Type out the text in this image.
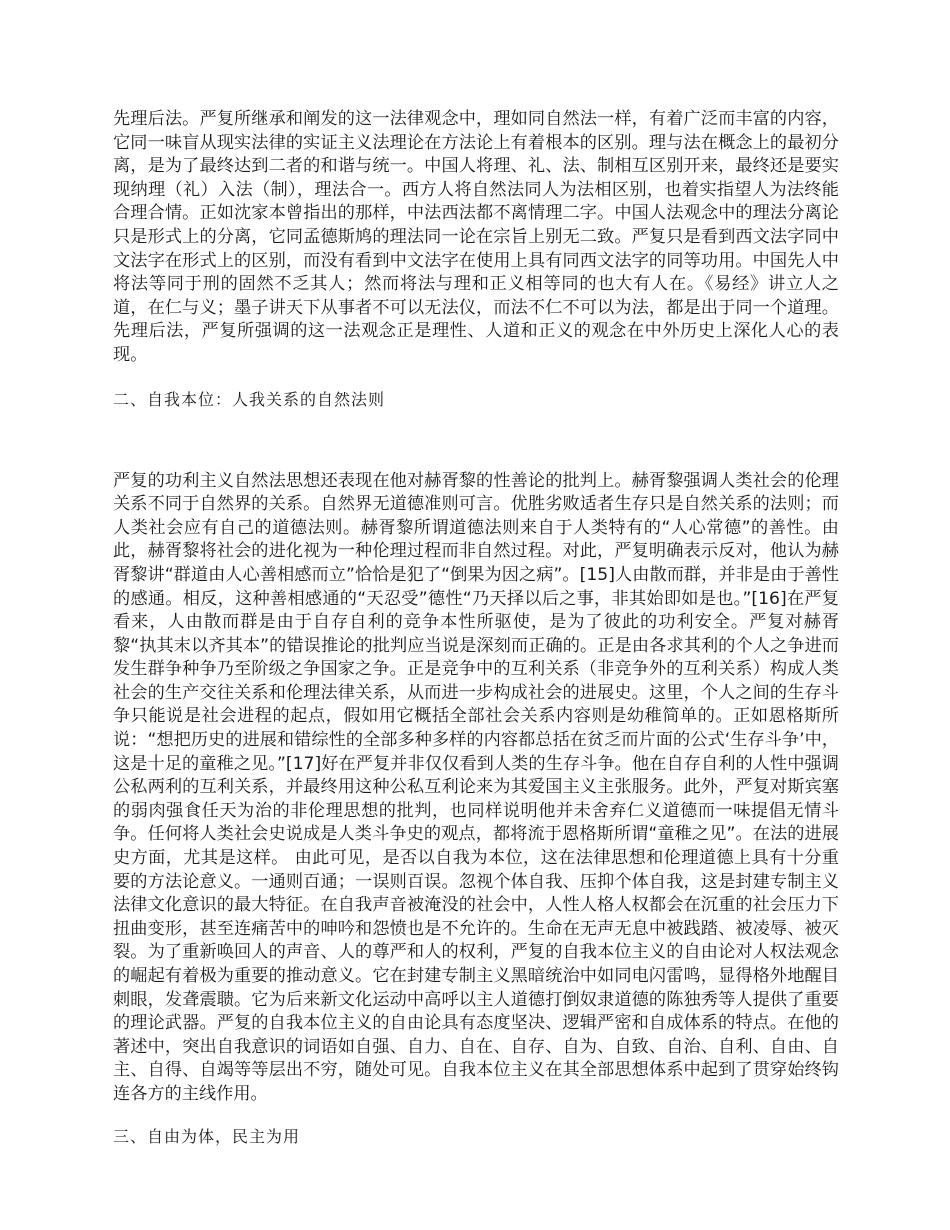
先理后法。严复所继承和阐发的这一法律观念中，理如同自然法一样，有着广泛而丰富的内容，它同一味盲从现实法律的实证主义法理论在方法论上有着根本的区别。理与法在概念上的最初分离，是为了最终达到二者的和谐与统一。中国人将理、礼、法、制相互区别开来，最终还是要实现纳理（礼）入法（制），理法合一。西方人将自然法同人为法相区别，也着实指望人为法终能合理合情。正如沈家本曾指出的那样，中法西法都不离情理二字。中国人法观念中的理法分离论只是形式上的分离，它同孟德斯鸠的理法同一论在宗旨上别无二致。严复只是看到西文法字同中文法字在形式上的区别，而没有看到中文法字在使用上具有同西文法字的同等功用。中国先人中将法等同于刑的固然不乏其人；然而将法与理和正义相等同的也大有人在。《易经》讲立人之道，在仁与义；墨子讲天下从事者不可以无法仪，而法不仁不可以为法，都是出于同一个道理。先理后法，严复所强调的这一法观念正是理性、人道和正义的观念在中外历史上深化人心的表现。

二、自我本位：人我关系的自然法则

严复的功利主义自然法思想还表现在他对赫胥黎的性善论的批判上。赫胥黎强调人类社会的伦理关系不同于自然界的关系。自然界无道德准则可言。优胜劣败适者生存只是自然关系的法则；而人类社会应有自己的道德法则。赫胥黎所谓道德法则来自于人类特有的“人心常德”的善性。由此，赫胥黎将社会的进化视为一种伦理过程而非自然过程。对此，严复明确表示反对，他认为赫胥黎讲“群道由人心善相感而立”恰恰是犯了“倒果为因之病”。[15]人由散而群，并非是由于善性的感通。相反，这种善相感通的“天忍受”德性“乃天择以后之事，非其始即如是也。”[16]在严复看来，人由散而群是由于自存自利的竞争本性所驱使，是为了彼此的功利安全。严复对赫胥黎“执其末以齐其本”的错误推论的批判应当说是深刻而正确的。正是由各求其利的个人之争进而发生群争种争乃至阶级之争国家之争。正是竞争中的互利关系（非竞争外的互利关系）构成人类社会的生产交往关系和伦理法律关系，从而进一步构成社会的进展史。这里，个人之间的生存斗争只能说是社会进程的起点，假如用它概括全部社会关系内容则是幼稚简单的。正如恩格斯所说：“想把历史的进展和错综性的全部多种多样的内容都总括在贫乏而片面的公式‘生存斗争’中，这是十足的童稚之见。”[17]好在严复并非仅仅看到人类的生存斗争。他在自存自利的人性中强调公私两利的互利关系，并最终用这种公私互利论来为其爱国主义主张服务。此外，严复对斯宾塞的弱肉强食任天为治的非伦理思想的批判，也同样说明他并未舍弃仁义道德而一味提倡无情斗争。任何将人类社会史说成是人类斗争史的观点，都将流于恩格斯所谓“童稚之见”。在法的进展史方面，尤其是这样。 由此可见，是否以自我为本位，这在法律思想和伦理道德上具有十分重要的方法论意义。一通则百通；一误则百误。忽视个体自我、压抑个体自我，这是封建专制主义法律文化意识的最大特征。在自我声音被淹没的社会中，人性人格人权都会在沉重的社会压力下扭曲变形，甚至连痛苦中的呻吟和怨愤也是不允许的。生命在无声无息中被践踏、被凌辱、被灭裂。为了重新唤回人的声音、人的尊严和人的权利，严复的自我本位主义的自由论对人权法观念的崛起有着极为重要的推动意义。它在封建专制主义黑暗统治中如同电闪雷鸣，显得格外地醒目刺眼，发聋震聩。它为后来新文化运动中高呼以主人道德打倒奴隶道德的陈独秀等人提供了重要的理论武器。严复的自我本位主义的自由论具有态度坚决、逻辑严密和自成体系的特点。在他的著述中，突出自我意识的词语如自强、自力、自在、自存、自为、自致、自治、自利、自由、自主、自得、自竭等等层出不穷，随处可见。自我本位主义在其全部思想体系中起到了贯穿始终钩连各方的主线作用。

三、自由为体，民主为用
